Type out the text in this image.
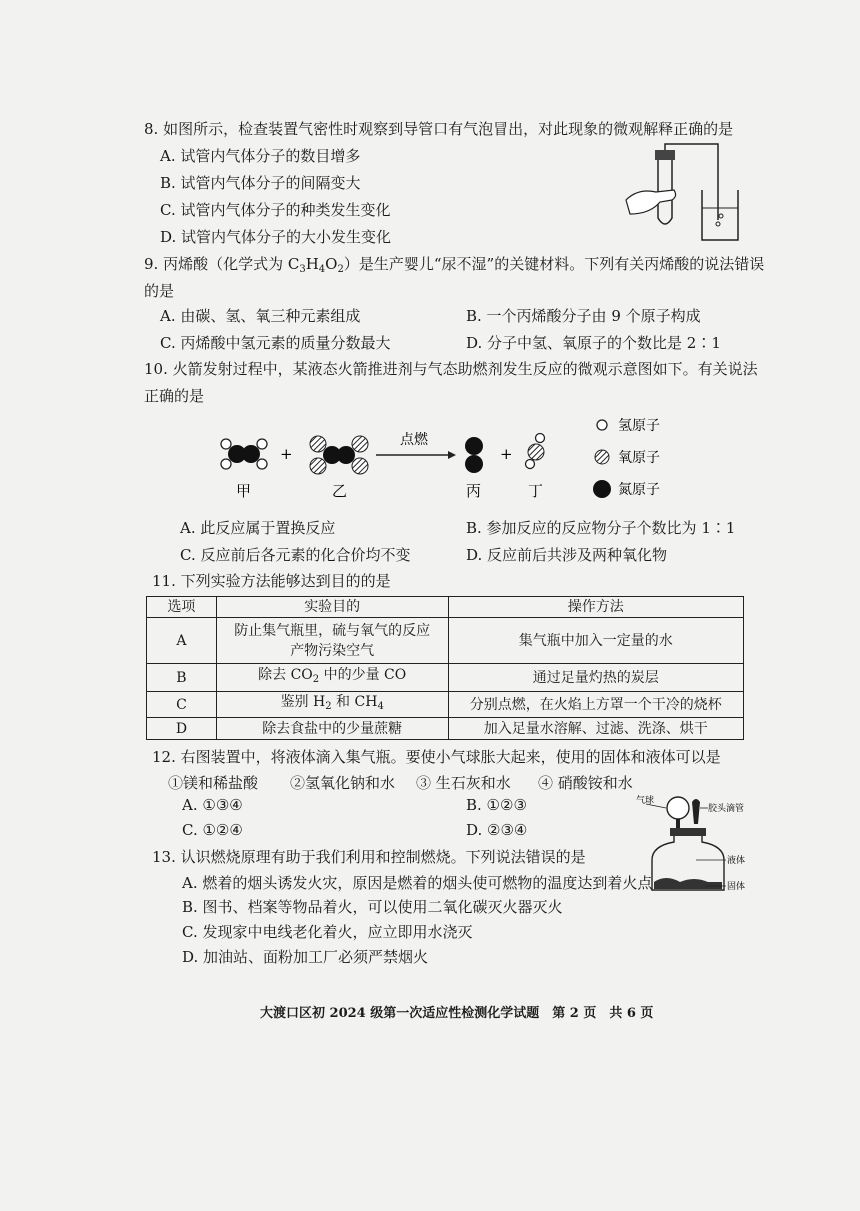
8. 如图所示，检查装置气密性时观察到导管口有气泡冒出，对此现象的微观解释正确的是
A. 试管内气体分子的数目增多
B. 试管内气体分子的间隔变大
C. 试管内气体分子的种类发生变化
D. 试管内气体分子的大小发生变化
9. 丙烯酸（化学式为 $C_3H_4O_2$）是生产婴儿“尿不湿”的关键材料。下列有关丙烯酸的说法错误
的是
A. 由碳、氢、氧三种元素组成	B. 一个丙烯酸分子由 9 个原子构成
C. 丙烯酸中氢元素的质量分数最大	D. 分子中氢、氧原子的个数比是 2∶1
10. 火箭发射过程中，某液态火箭推进剂与气态助燃剂发生反应的微观示意图如下。有关说法
正确的是
+
点燃
+
甲	乙	丙	丁
氢原子
氧原子
氮原子
A. 此反应属于置换反应	B. 参加反应的反应物分子个数比为 1∶1
C. 反应前后各元素的化合价均不变	D. 反应前后共涉及两种氧化物
11. 下列实验方法能够达到目的的是
选项	实验目的	操作方法
A	防止集气瓶里，硫与氧气的反应
产物污染空气	集气瓶中加入一定量的水
B	除去 $CO_2$ 中的少量 CO	通过足量灼热的炭层
C	鉴别 $H_2$ 和 $CH_4$	分别点燃，在火焰上方罩一个干冷的烧杯
D	除去食盐中的少量蔗糖	加入足量水溶解、过滤、洗涤、烘干
12. 右图装置中，将液体滴入集气瓶。要使小气球胀大起来，使用的固体和液体可以是
①镁和稀盐酸 ②氢氧化钠和水 ③ 生石灰和水 ④ 硝酸铵和水
A. ①③④	B. ①②③
C. ①②④	D. ②③④
气球
胶头滴管
液体
固体
13. 认识燃烧原理有助于我们利用和控制燃烧。下列说法错误的是
A. 燃着的烟头诱发火灾，原因是燃着的烟头使可燃物的温度达到着火点
B. 图书、档案等物品着火，可以使用二氧化碳灭火器灭火
C. 发现家中电线老化着火，应立即用水浇灭
D. 加油站、面粉加工厂必须严禁烟火
大渡口区初 2024 级第一次适应性检测化学试题　第 2 页　共 6 页
